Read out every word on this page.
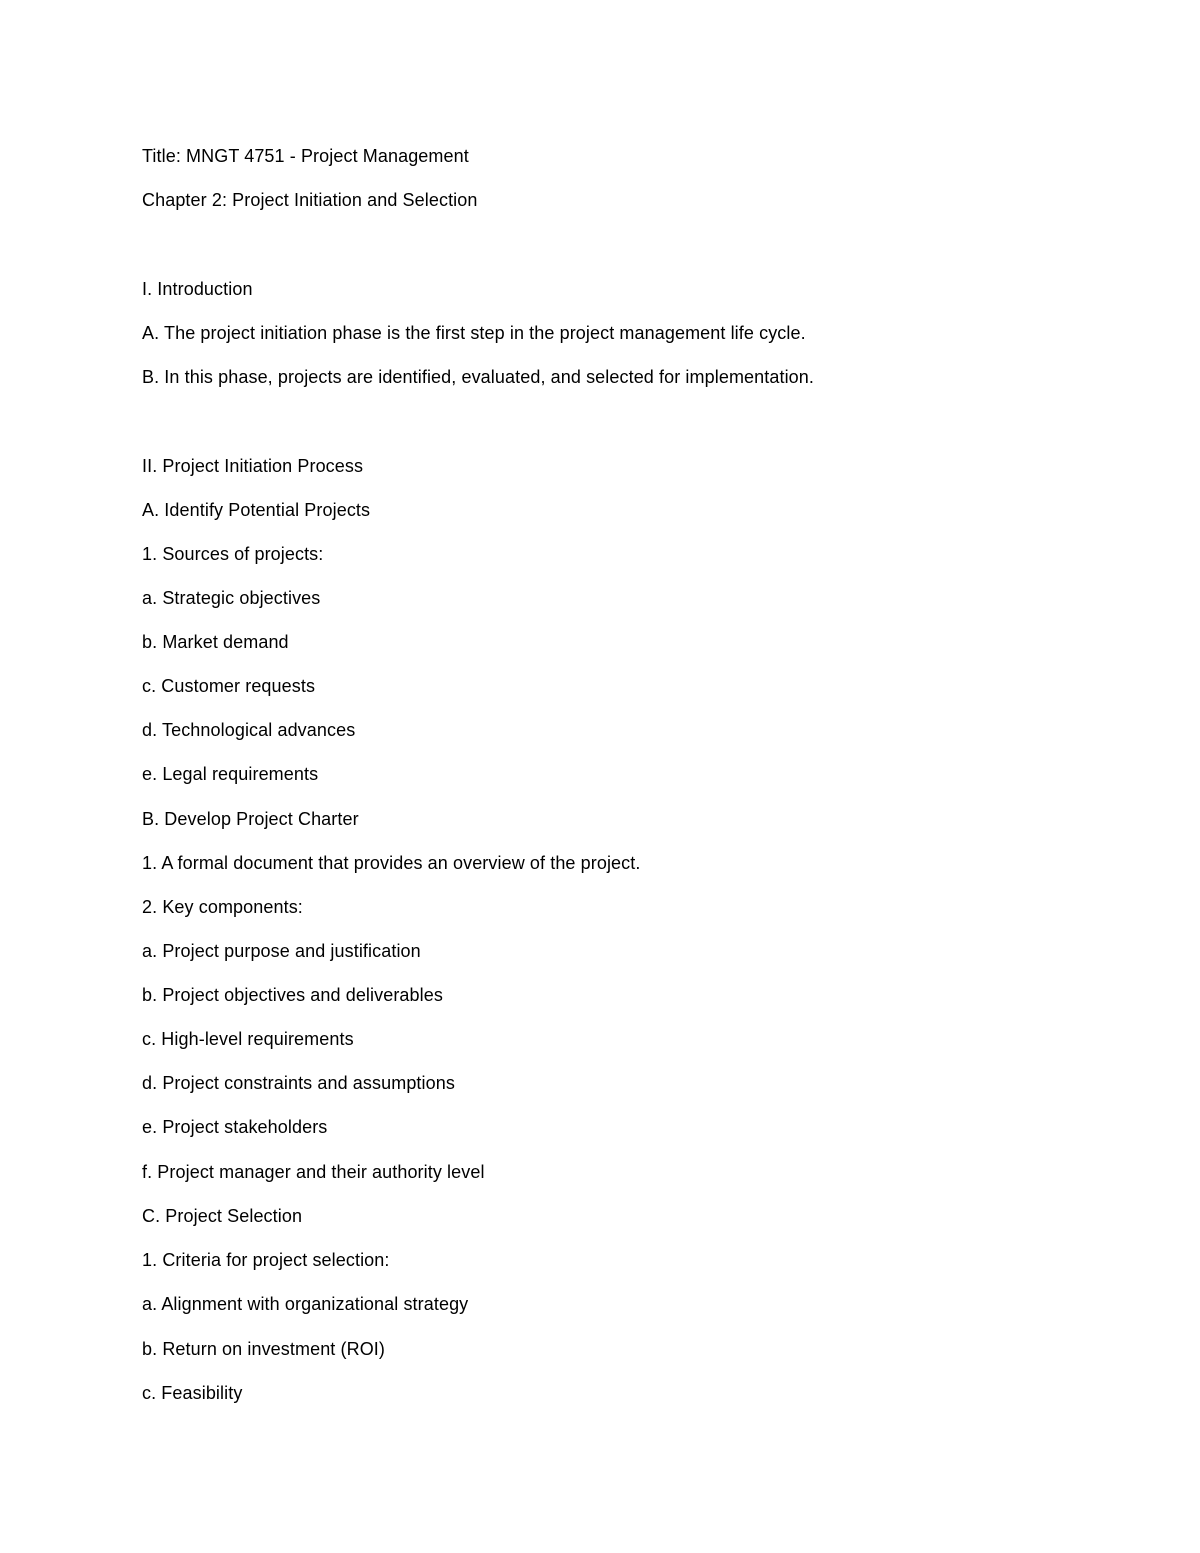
Title: MNGT 4751 - Project Management

Chapter 2: Project Initiation and Selection

I. Introduction

A. The project initiation phase is the first step in the project management life cycle.

B. In this phase, projects are identified, evaluated, and selected for implementation.

II. Project Initiation Process

A. Identify Potential Projects

1. Sources of projects:

a. Strategic objectives

b. Market demand

c. Customer requests

d. Technological advances

e. Legal requirements

B. Develop Project Charter

1. A formal document that provides an overview of the project.

2. Key components:

a. Project purpose and justification

b. Project objectives and deliverables

c. High-level requirements

d. Project constraints and assumptions

e. Project stakeholders

f. Project manager and their authority level

C. Project Selection

1. Criteria for project selection:

a. Alignment with organizational strategy

b. Return on investment (ROI)

c. Feasibility
